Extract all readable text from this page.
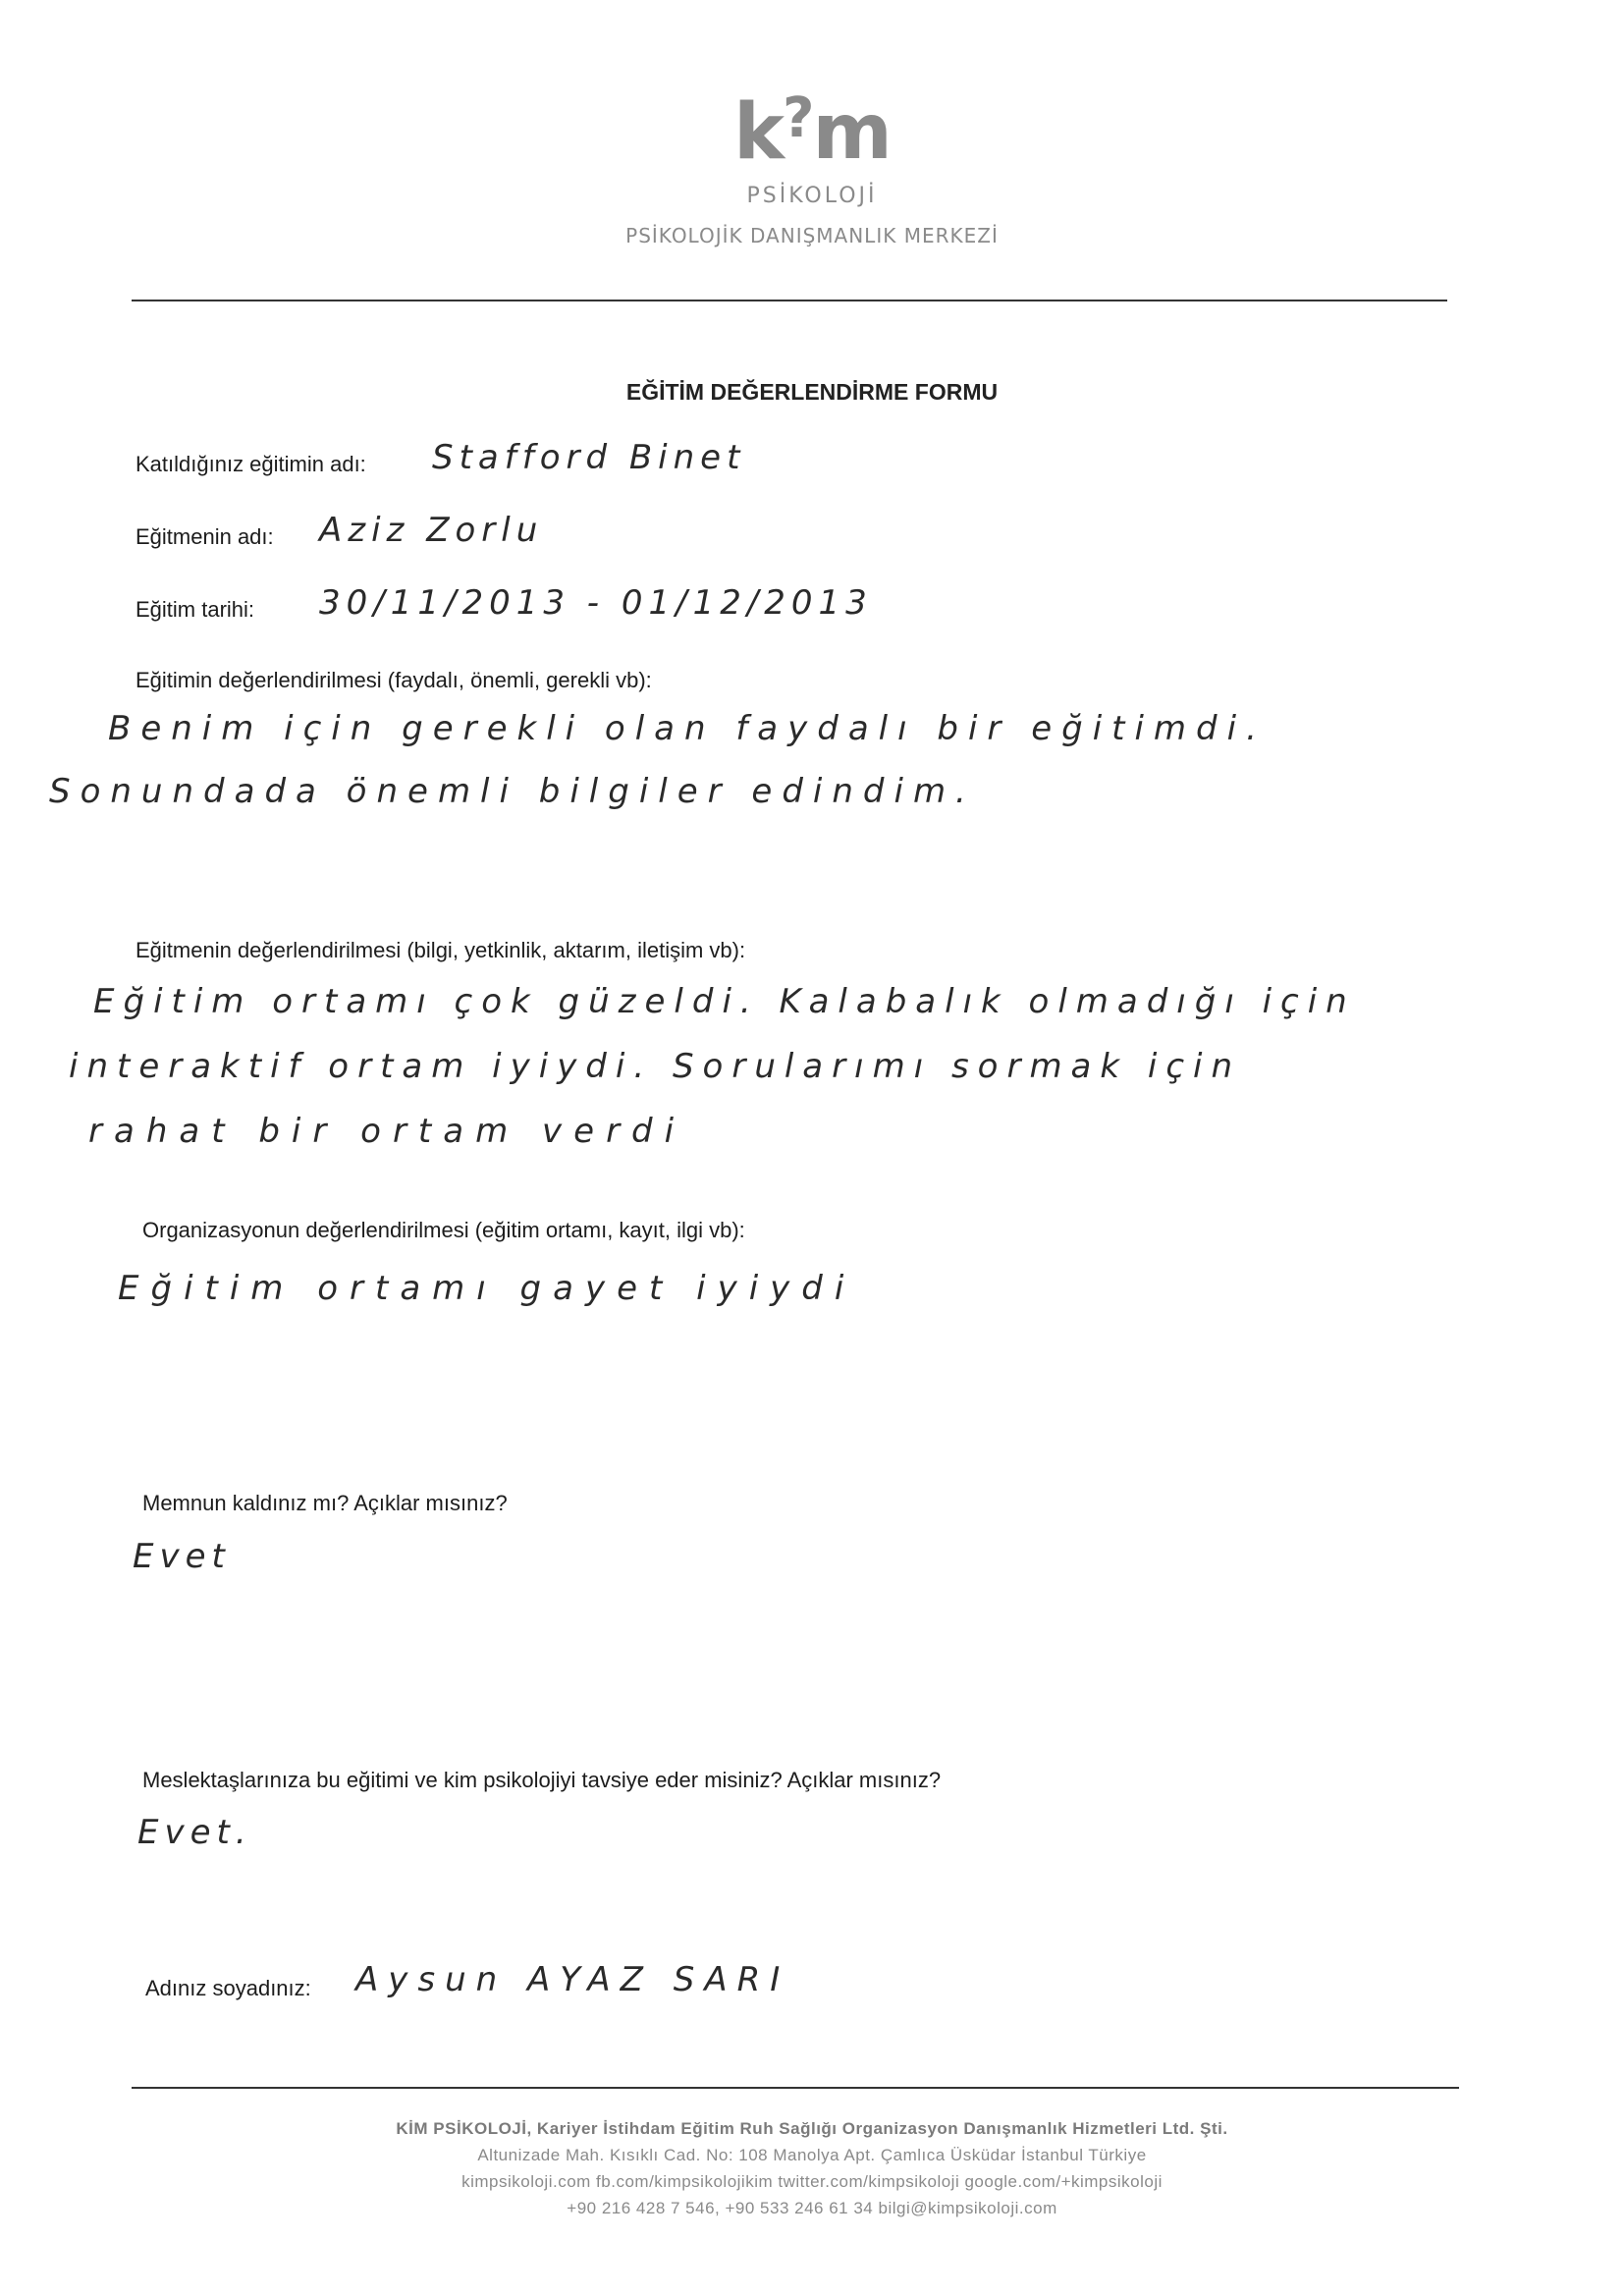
k?m
PSİKOLOJİ
PSİKOLOJİK DANIŞMANLIK MERKEZİ
EĞİTİM DEĞERLENDİRME FORMU
Katıldığınız eğitimin adı: Stafford Binet
Eğitmenin adı: Aziz Zorlu
Eğitim tarihi: 30/11/2013 - 01/12/2013
Eğitimin değerlendirilmesi (faydalı, önemli, gerekli vb):
Benim için gerekli olan faydalı bir eğitimdi.
Sonundada önemli bilgiler edindim.
Eğitmenin değerlendirilmesi (bilgi, yetkinlik, aktarım, iletişim vb):
Eğitim ortamı çok güzeldi. Kalabalık olmadığı için
interaktif ortam iyiydi. Sorularımı sormak için
rahat bir ortam verdi
Organizasyonun değerlendirilmesi (eğitim ortamı, kayıt, ilgi vb):
Eğitim ortamı gayet iyiydi
Memnun kaldınız mı? Açıklar mısınız?
Evet
Meslektaşlarınıza bu eğitimi ve kim psikolojiyi tavsiye eder misiniz? Açıklar mısınız?
Evet.
Adınız soyadınız: Aysun AYAZ SARI
KİM PSİKOLOJİ, Kariyer İstihdam Eğitim Ruh Sağlığı Organizasyon Danışmanlık Hizmetleri Ltd. Şti.
Altunizade Mah. Kısıklı Cad. No: 108 Manolya Apt. Çamlıca Üsküdar İstanbul Türkiye
kimpsikoloji.com fb.com/kimpsikolojikim twitter.com/kimpsikoloji google.com/+kimpsikoloji
+90 216 428 7 546, +90 533 246 61 34 bilgi@kimpsikoloji.com
